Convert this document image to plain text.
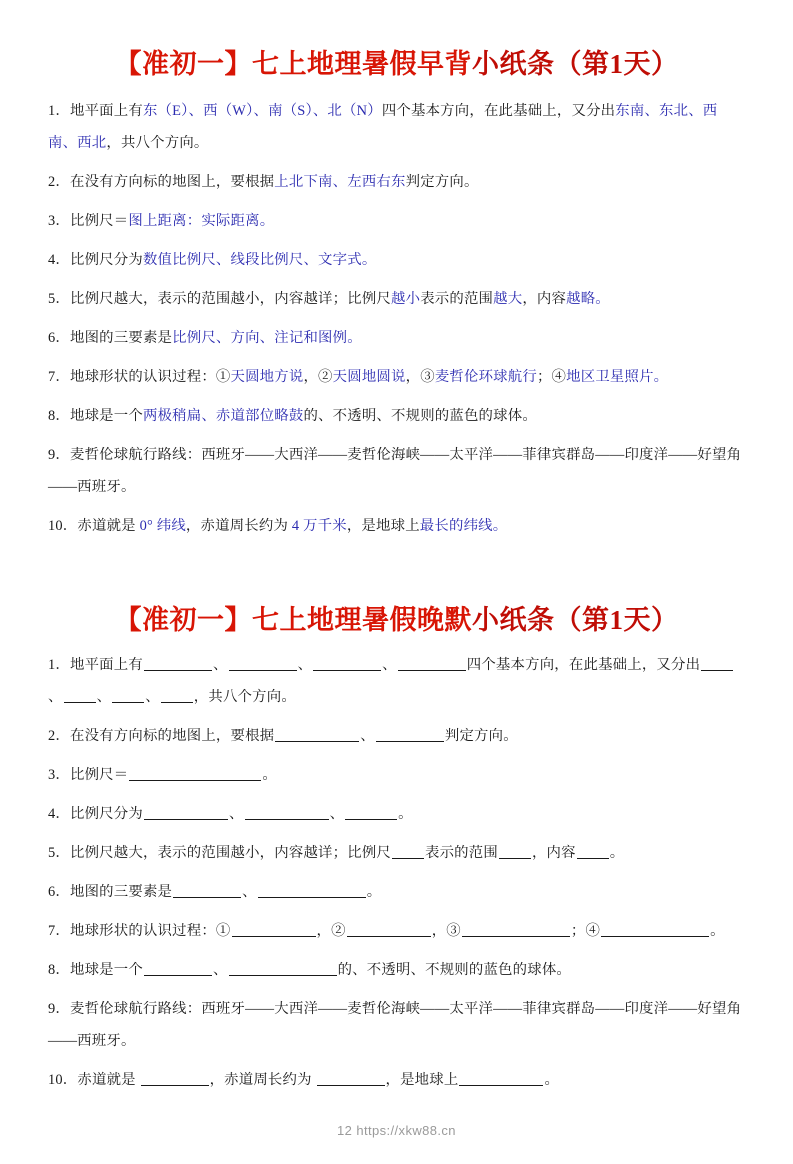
【准初一】七上地理暑假早背小纸条（第1天）
1．地平面上有东（E）、西（W）、南（S）、北（N）四个基本方向，在此基础上，又分出东南、东北、西南、西北，共八个方向。
2．在没有方向标的地图上，要根据上北下南、左西右东判定方向。
3．比例尺＝图上距离：实际距离。
4．比例尺分为数值比例尺、线段比例尺、文字式。
5．比例尺越大，表示的范围越小，内容越详；比例尺越小表示的范围越大，内容越略。
6．地图的三要素是比例尺、方向、注记和图例。
7．地球形状的认识过程：①天圆地方说，②天圆地圆说，③麦哲伦环球航行；④地区卫星照片。
8．地球是一个两极稍扁、赤道部位略鼓的、不透明、不规则的蓝色的球体。
9．麦哲伦球航行路线：西班牙——大西洋——麦哲伦海峡——太平洋——菲律宾群岛——印度洋——好望角——西班牙。
10．赤道就是 0° 纬线，赤道周长约为 4 万千米，是地球上最长的纬线。
【准初一】七上地理暑假晚默小纸条（第1天）
1．地平面上有	、	、	、	四个基本方向，在此基础上，又分出、 、 、 ，共八个方向。
2．在没有方向标的地图上，要根据	、	判定方向。
3．比例尺＝	。
4．比例尺分为	、	、	。
5．比例尺越大，表示的范围越小，内容越详；比例尺 表示的范围 ，内容 。
6．地图的三要素是	、	。
7．地球形状的认识过程：①	，②	，③	；④	。
8．地球是一个	、	的、不透明、不规则的蓝色的球体。
9．麦哲伦球航行路线：西班牙——大西洋——麦哲伦海峡——太平洋——菲律宾群岛——印度洋——好望角——西班牙。
10．赤道就是	，赤道周长约为	，是地球上	。
12 https://xkw88.cn
